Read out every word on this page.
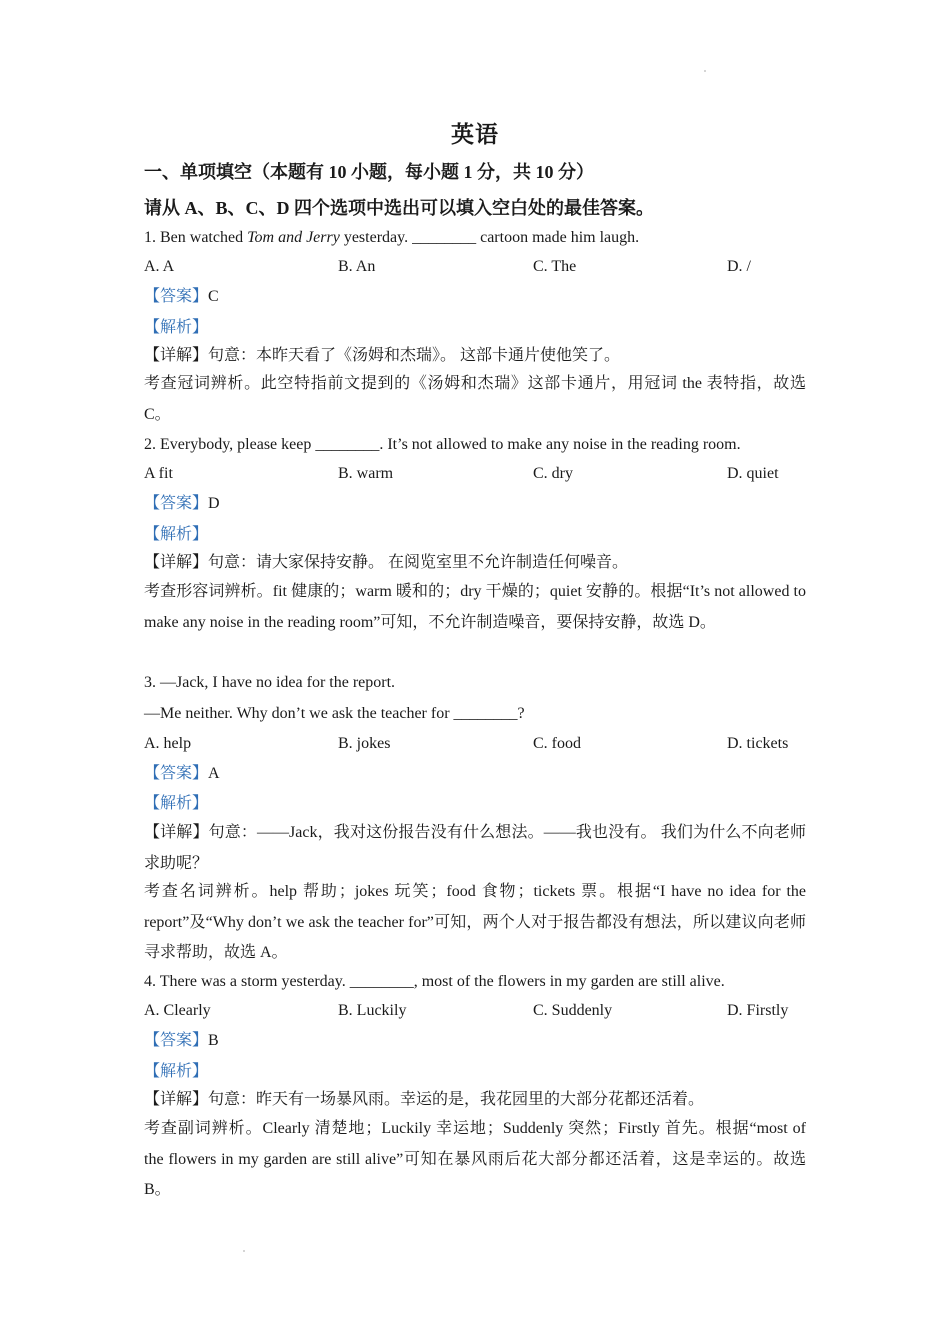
英语
一、单项填空（本题有 10 小题，每小题 1 分，共 10 分）
请从 A、B、C、D 四个选项中选出可以填入空白处的最佳答案。
1. Ben watched Tom and Jerry yesterday. ________ cartoon made him laugh.
A. A	B. An	C. The	D. /
【答案】C
【解析】
【详解】句意：本昨天看了《汤姆和杰瑞》。 这部卡通片使他笑了。
考查冠词辨析。此空特指前文提到的《汤姆和杰瑞》这部卡通片，用冠词 the 表特指，故选 C。
2. Everybody, please keep ________. It’s not allowed to make any noise in the reading room.
A fit	B. warm	C. dry	D. quiet
【答案】D
【解析】
【详解】句意：请大家保持安静。 在阅览室里不允许制造任何噪音。
考查形容词辨析。fit 健康的；warm 暖和的；dry 干燥的；quiet 安静的。根据“It’s not allowed to make any noise in the reading room”可知，不允许制造噪音，要保持安静，故选 D。
3. —Jack, I have no idea for the report.
—Me neither. Why don’t we ask the teacher for ________?
A. help	B. jokes	C. food	D. tickets
【答案】A
【解析】
【详解】句意：——Jack，我对这份报告没有什么想法。——我也没有。 我们为什么不向老师求助呢？
考查名词辨析。help 帮助；jokes 玩笑；food 食物；tickets 票。根据“I have no idea for the report”及“Why don’t we ask the teacher for”可知，两个人对于报告都没有想法，所以建议向老师寻求帮助，故选 A。
4. There was a storm yesterday. ________, most of the flowers in my garden are still alive.
A. Clearly	B. Luckily	C. Suddenly	D. Firstly
【答案】B
【解析】
【详解】句意：昨天有一场暴风雨。幸运的是，我花园里的大部分花都还活着。
考查副词辨析。Clearly 清楚地；Luckily 幸运地；Suddenly 突然；Firstly 首先。根据“most of the flowers in my garden are still alive”可知在暴风雨后花大部分都还活着，这是幸运的。故选 B。
